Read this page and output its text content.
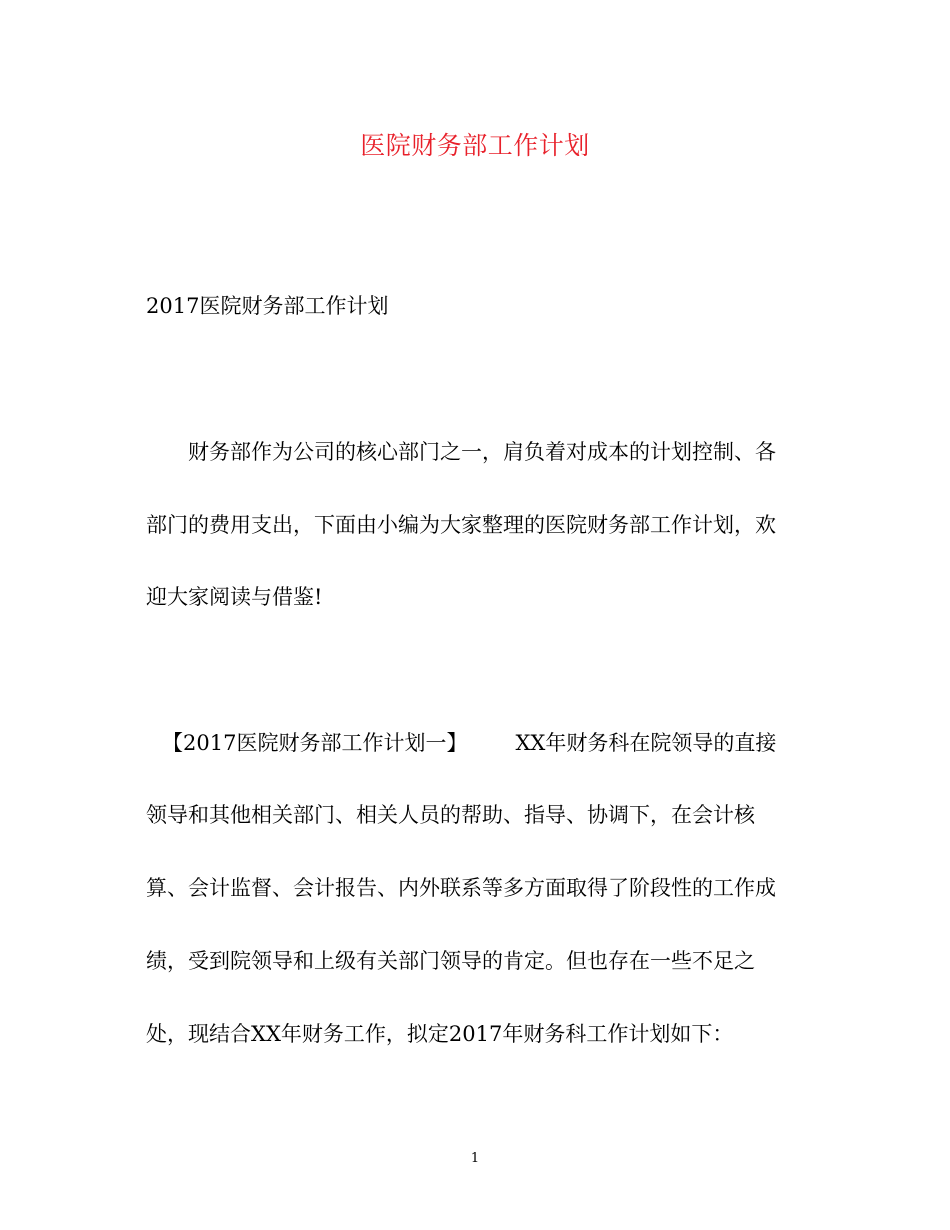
医院财务部工作计划
2017医院财务部工作计划
财务部作为公司的核心部门之一，肩负着对成本的计划控制、各
部门的费用支出，下面由小编为大家整理的医院财务部工作计划，欢
迎大家阅读与借鉴!
【2017医院财务部工作计划一】 XX年财务科在院领导的直接
领导和其他相关部门、相关人员的帮助、指导、协调下，在会计核
算、会计监督、会计报告、内外联系等多方面取得了阶段性的工作成
绩，受到院领导和上级有关部门领导的肯定。但也存在一些不足之
处，现结合XX年财务工作，拟定2017年财务科工作计划如下：
1
